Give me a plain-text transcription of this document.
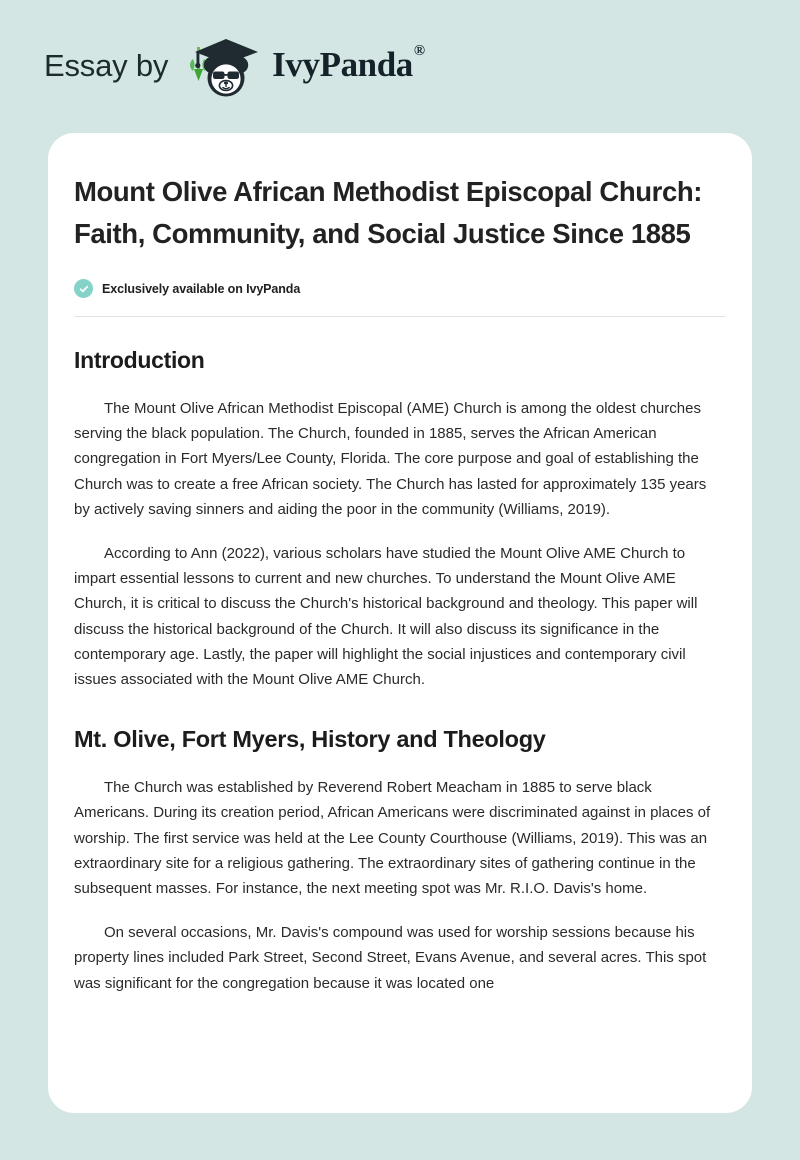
Essay by	IvyPanda®
Mount Olive African Methodist Episcopal Church: Faith, Community, and Social Justice Since 1885
Exclusively available on IvyPanda
Introduction

The Mount Olive African Methodist Episcopal (AME) Church is among the oldest churches serving the black population. The Church, founded in 1885, serves the African American congregation in Fort Myers/Lee County, Florida. The core purpose and goal of establishing the Church was to create a free African society. The Church has lasted for approximately 135 years by actively saving sinners and aiding the poor in the community (Williams, 2019).

According to Ann (2022), various scholars have studied the Mount Olive AME Church to impart essential lessons to current and new churches. To understand the Mount Olive AME Church, it is critical to discuss the Church's historical background and theology. This paper will discuss the historical background of the Church. It will also discuss its significance in the contemporary age. Lastly, the paper will highlight the social injustices and contemporary civil issues associated with the Mount Olive AME Church.

Mt. Olive, Fort Myers, History and Theology

The Church was established by Reverend Robert Meacham in 1885 to serve black Americans. During its creation period, African Americans were discriminated against in places of worship. The first service was held at the Lee County Courthouse (Williams, 2019). This was an extraordinary site for a religious gathering. The extraordinary sites of gathering continue in the subsequent masses. For instance, the next meeting spot was Mr. R.I.O. Davis's home.

On several occasions, Mr. Davis's compound was used for worship sessions because his property lines included Park Street, Second Street, Evans Avenue, and several acres. This spot was significant for the congregation because it was located one
